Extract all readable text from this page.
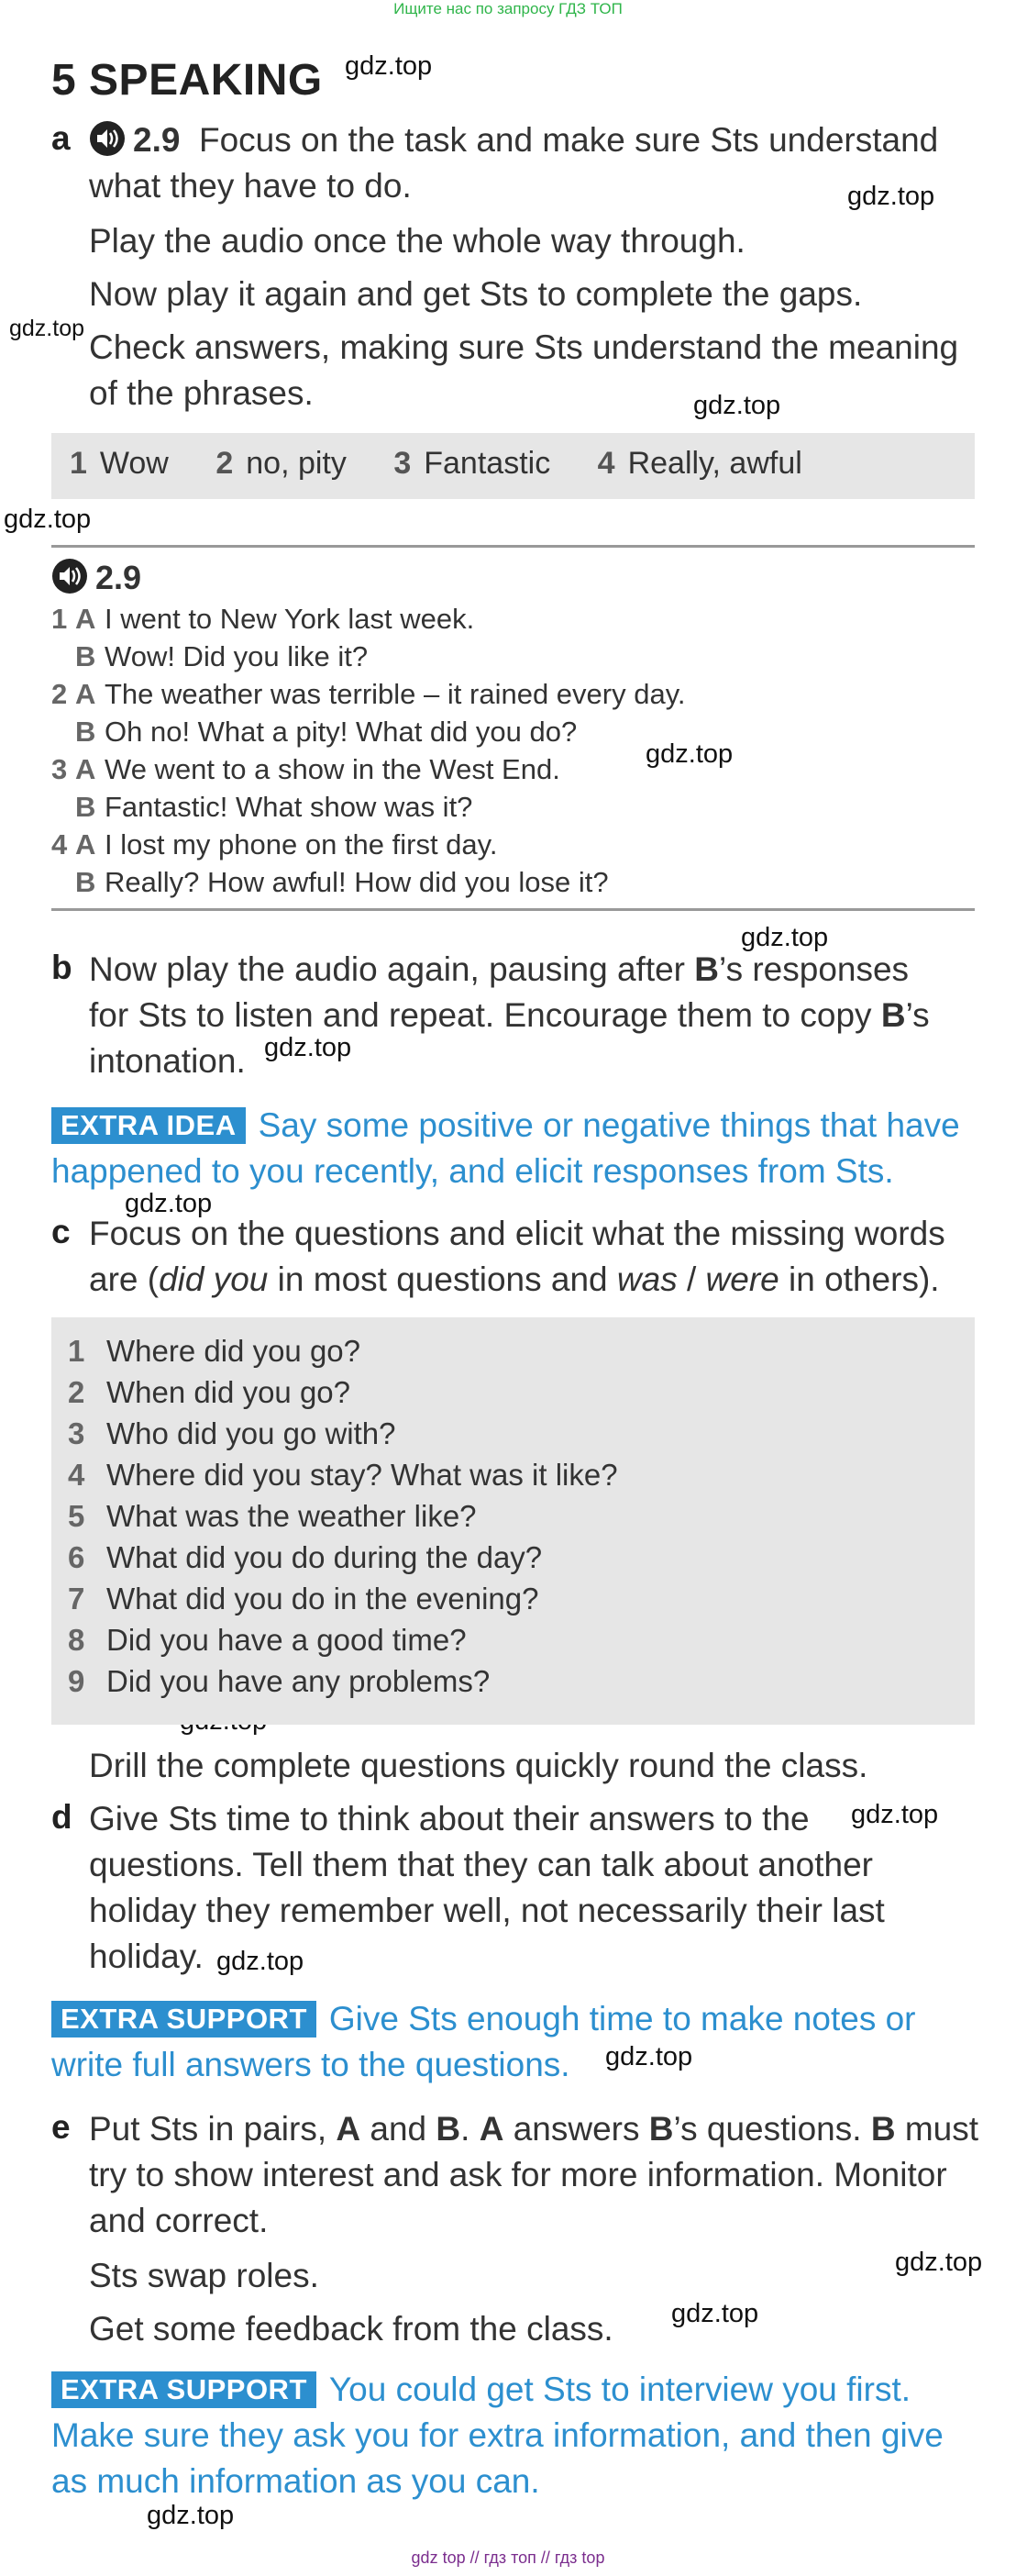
Ищите нас по запросу ГДЗ ТОП
5 SPEAKING gdz.top
gdz.top
gdz.top
gdz.top
gdz.top
gdz.top
gdz.top
gdz.top
gdz.top
gdz.top
gdz.top
gdz.top
gdz.top
gdz.top
gdz.top
a	2.9 Focus on the task and make sure Sts understand what they have to do.
Play the audio once the whole way through.
Now play it again and get Sts to complete the gaps.
Check answers, making sure Sts understand the meaning of the phrases.
1 Wow 2 no, pity 3 Fantastic 4 Really, awful
2.9
1 A I went to New York last week.
B Wow! Did you like it?
2 A The weather was terrible – it rained every day.
B Oh no! What a pity! What did you do?
3 A We went to a show in the West End.
B Fantastic! What show was it?
4 A I lost my phone on the first day.
B Really? How awful! How did you lose it?
b Now play the audio again, pausing after B’s responses for Sts to listen and repeat. Encourage them to copy B’s intonation.
EXTRA IDEA Say some positive or negative things that have happened to you recently, and elicit responses from Sts.
c Focus on the questions and elicit what the missing words are (did you in most questions and was / were in others).
1 Where did you go?
2 When did you go?
3 Who did you go with?
4 Where did you stay? What was it like?
5 What was the weather like?
6 What did you do during the day?
7 What did you do in the evening?
8 Did you have a good time?
9 Did you have any problems?
Drill the complete questions quickly round the class.
d Give Sts time to think about their answers to the questions. Tell them that they can talk about another holiday they remember well, not necessarily their last holiday.
EXTRA SUPPORT Give Sts enough time to make notes or write full answers to the questions.
e Put Sts in pairs, A and B. A answers B’s questions. B must try to show interest and ask for more information. Monitor and correct.
Sts swap roles.
Get some feedback from the class.
EXTRA SUPPORT You could get Sts to interview you first. Make sure they ask you for extra information, and then give as much information as you can.
gdz top // гдз топ // гдз top
